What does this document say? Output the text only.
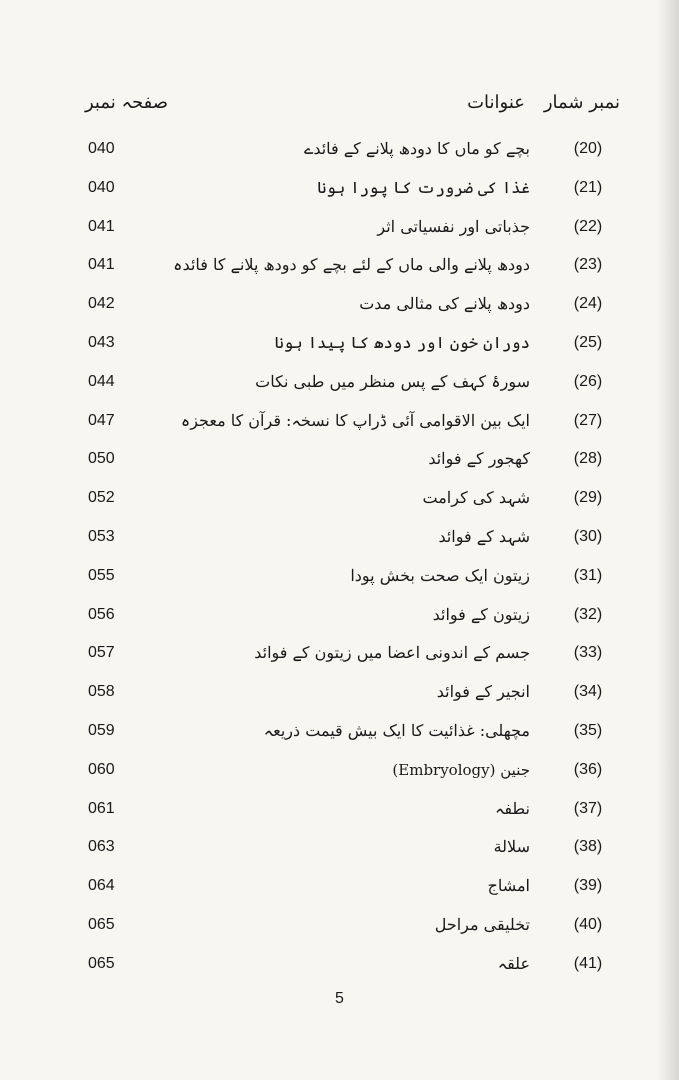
نمبر شمار
عنوانات
صفحہ نمبر
(20)
بچے کو ماں کا دودھ پلانے کے فائدے
040
(21)
غذا کی ضرورت کا پورا ہونا
040
(22)
جذباتی اور نفسیاتی اثر
041
(23)
دودھ پلانے والی ماں کے لئے بچے کو دودھ پلانے کا فائدہ
041
(24)
دودھ پلانے کی مثالی مدت
042
(25)
دوران خون اور دودھ کا پیدا ہونا
043
(26)
سورۂ کہف کے پس منظر میں طبی نکات
044
(27)
ایک بین الاقوامی آئی ڈراپ کا نسخہ: قرآن کا معجزہ
047
(28)
کھجور کے فوائد
050
(29)
شہد کی کرامت
052
(30)
شہد کے فوائد
053
(31)
زیتون ایک صحت بخش پودا
055
(32)
زیتون کے فوائد
056
(33)
جسم کے اندونی اعضا میں زیتون کے فوائد
057
(34)
انجیر کے فوائد
058
(35)
مچھلی: غذائیت کا ایک بیش قیمت ذریعہ
059
(36)
جنین (Embryology)
060
(37)
نطفہ
061
(38)
سلالة
063
(39)
امشاج
064
(40)
تخلیقی مراحل
065
(41)
علقہ
065
5
